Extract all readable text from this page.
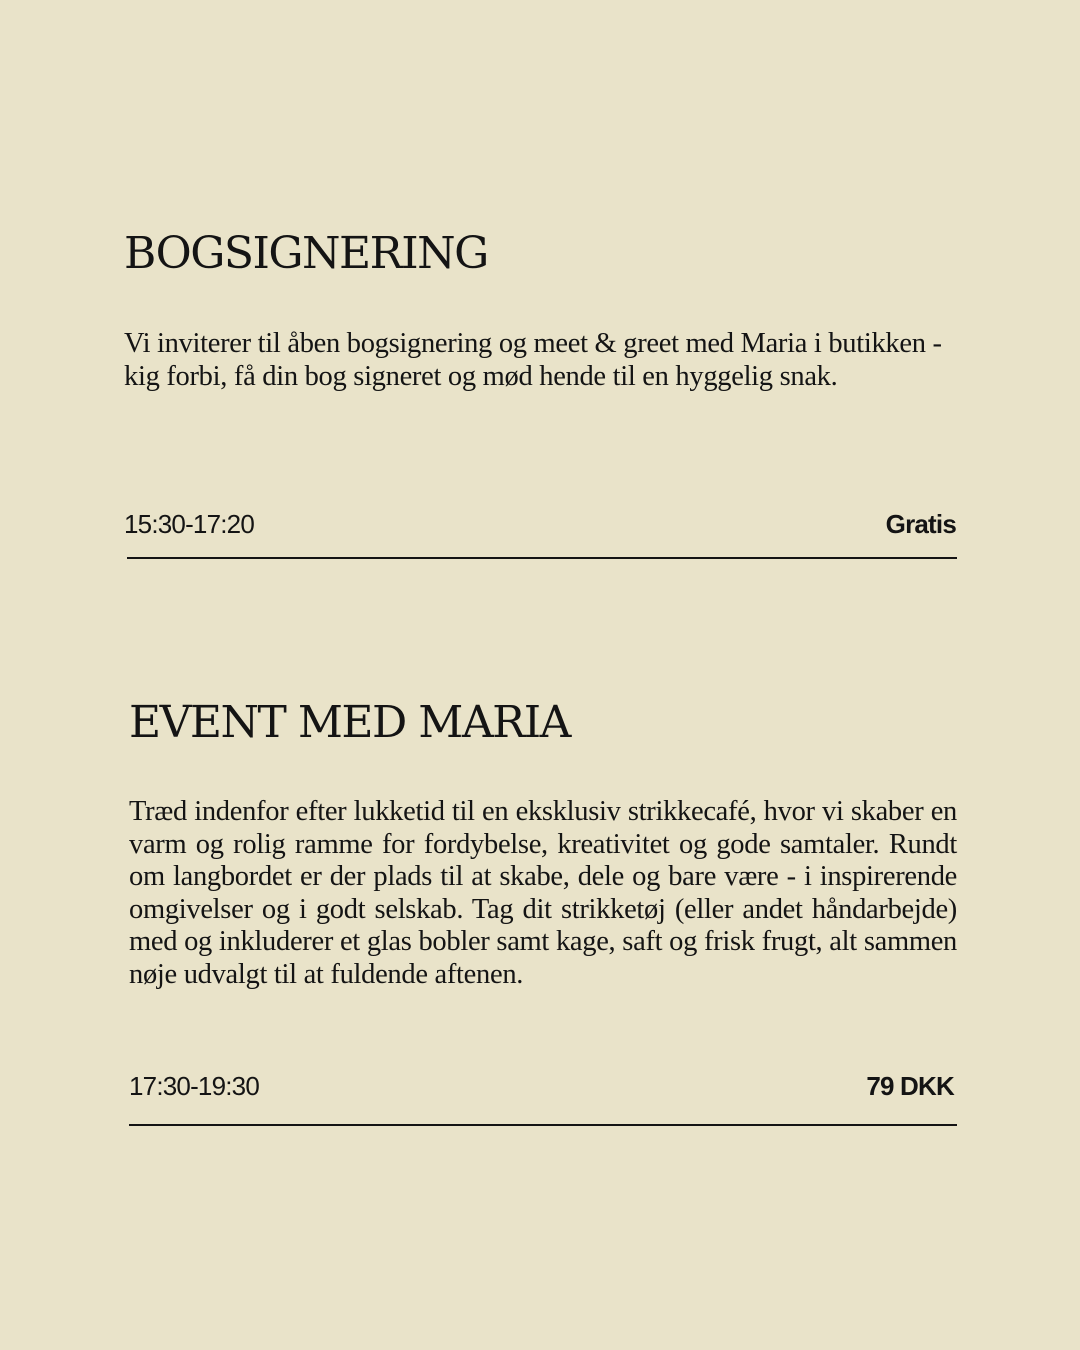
BOGSIGNERING

Vi inviterer til åben bogsignering og meet & greet med Maria i butikken - kig forbi, få din bog signeret og mød hende til en hyggelig snak.

15:30-17:20	Gratis
EVENT MED MARIA

Træd indenfor efter lukketid til en eksklusiv strikkecafé, hvor vi skaber en varm og rolig ramme for fordybelse, kreativitet og gode samtaler. Rundt om langbordet er der plads til at skabe, dele og bare være - i inspirerende omgivelser og i godt selskab. Tag dit strikketøj (eller andet håndarbejde) med og inkluderer et glas bobler samt kage, saft og frisk frugt, alt sammen nøje udvalgt til at fuldende aftenen.

17:30-19:30	79 DKK
